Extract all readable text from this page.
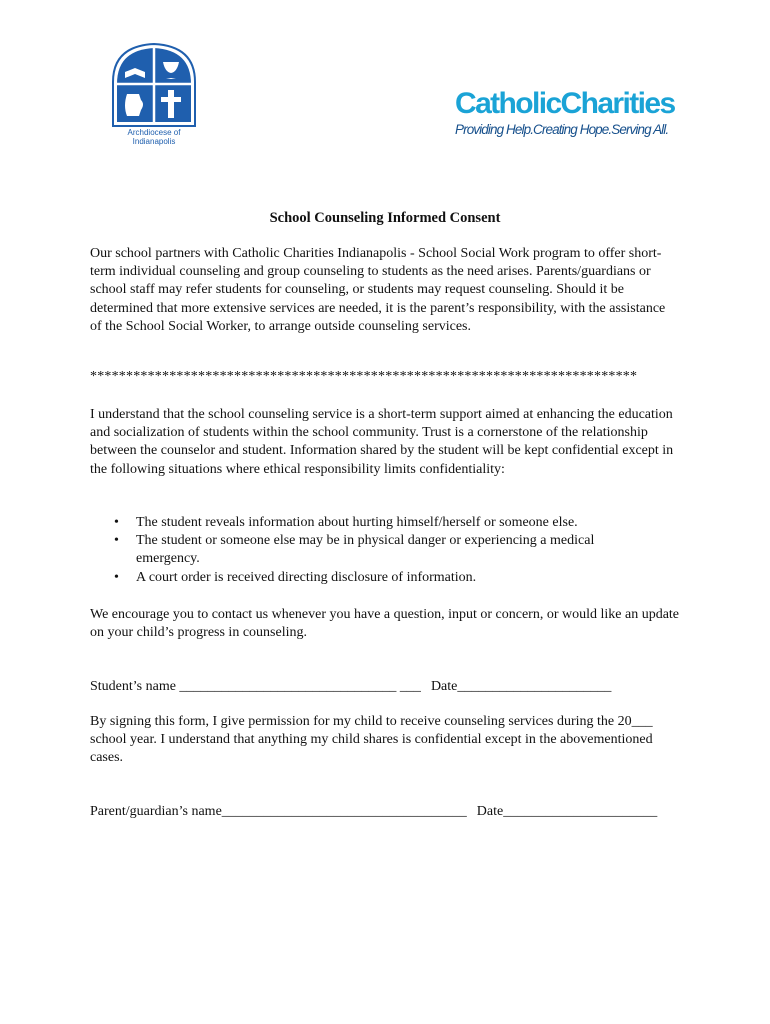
Archdiocese of Indianapolis
CatholicCharities
Providing Help.Creating Hope.Serving All.
School Counseling Informed Consent
Our school partners with Catholic Charities Indianapolis - School Social Work program to offer short-term individual counseling and group counseling to students as the need arises. Parents/guardians or school staff may refer students for counseling, or students may request counseling. Should it be determined that more extensive services are needed, it is the parent’s responsibility, with the assistance of the School Social Worker, to arrange outside counseling services.
****************************************************************************
I understand that the school counseling service is a short-term support aimed at enhancing the education and socialization of students within the school community. Trust is a cornerstone of the relationship between the counselor and student. Information shared by the student will be kept confidential except in the following situations where ethical responsibility limits confidentiality:
• The student reveals information about hurting himself/herself or someone else.
• The student or someone else may be in physical danger or experiencing a medical emergency.
• A court order is received directing disclosure of information.
We encourage you to contact us whenever you have a question, input or concern, or would like an update on your child’s progress in counseling.
Student’s name _______________________________ ___ Date______________________
By signing this form, I give permission for my child to receive counseling services during the 20___ school year. I understand that anything my child shares is confidential except in the abovementioned cases.
Parent/guardian’s name___________________________________ Date______________________
